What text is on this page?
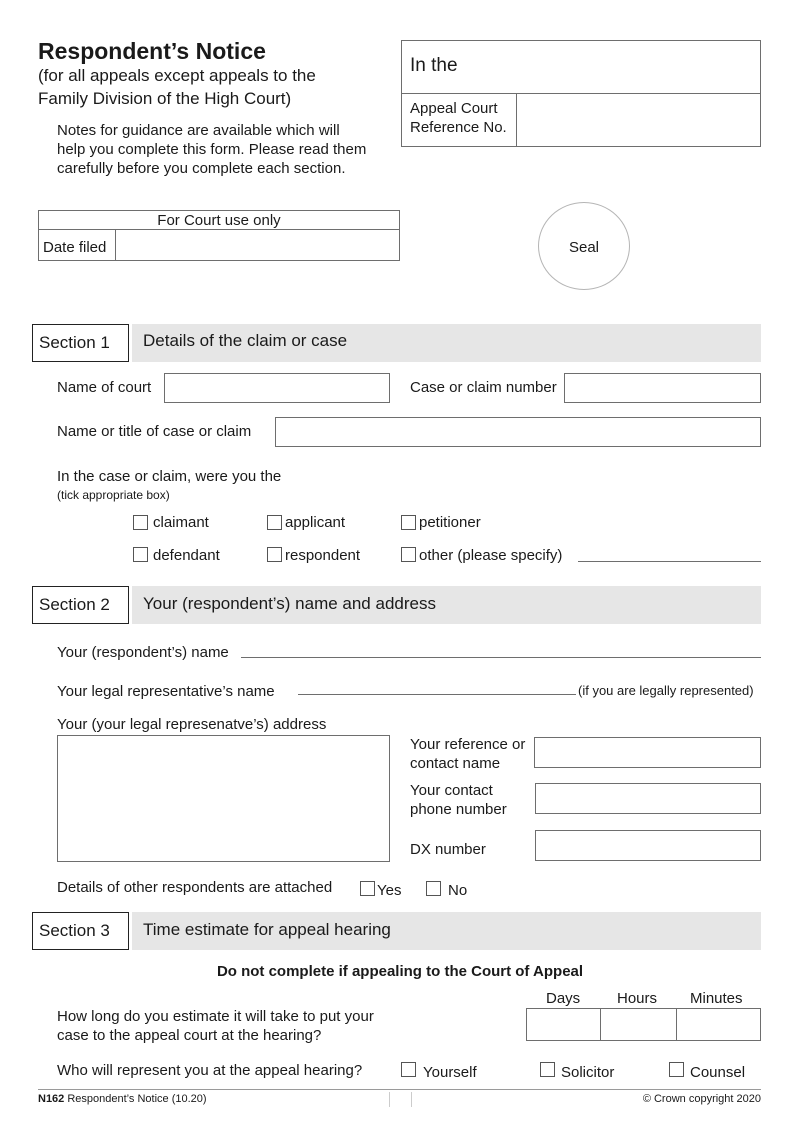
Respondent’s Notice
(for all appeals except appeals to the
Family Division of the High Court)
Notes for guidance are available which will
help you complete this form. Please read them
carefully before you complete each section.
In the
Appeal Court
Reference No.
For Court use only
Date filed	Seal
Section 1	Details of the claim or case
Name of court	Case or claim number
Name or title of case or claim
In the case or claim, were you the
(tick appropriate box)
claimant	applicant	petitioner
defendant	respondent	other (please specify)
Section 2	Your (respondent’s) name and address
Your (respondent’s) name
Your legal representative’s name	(if you are legally represented)
Your (your legal represenatve’s) address
Your reference or
contact name
Your contact
phone number
DX number
Details of other respondents are attached	Yes	No
Section 3	Time estimate for appeal hearing
Do not complete if appealing to the Court of Appeal
Days Hours Minutes
How long do you estimate it will take to put your
case to the appeal court at the hearing?
Who will represent you at the appeal hearing?	Yourself	Solicitor	Counsel
N162 Respondent’s Notice (10.20)	© Crown copyright 2020
